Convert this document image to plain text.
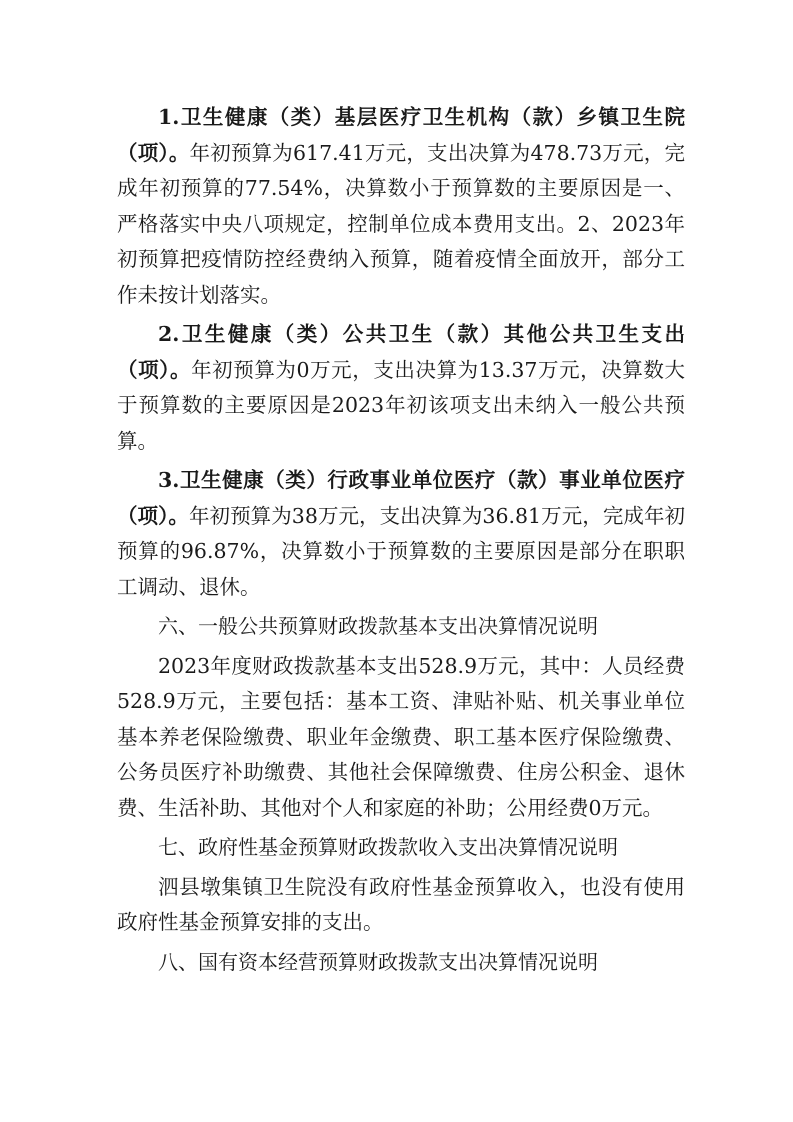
1.卫生健康（类）基层医疗卫生机构（款）乡镇卫生院（项）。年初预算为617.41万元，支出决算为478.73万元，完成年初预算的77.54%，决算数小于预算数的主要原因是一、严格落实中央八项规定，控制单位成本费用支出。2、2023年初预算把疫情防控经费纳入预算，随着疫情全面放开，部分工作未按计划落实。

2.卫生健康（类）公共卫生（款）其他公共卫生支出（项）。年初预算为0万元，支出决算为13.37万元，决算数大于预算数的主要原因是2023年初该项支出未纳入一般公共预算。

3.卫生健康（类）行政事业单位医疗（款）事业单位医疗（项）。年初预算为38万元，支出决算为36.81万元，完成年初预算的96.87%，决算数小于预算数的主要原因是部分在职职工调动、退休。

六、一般公共预算财政拨款基本支出决算情况说明

2023年度财政拨款基本支出528.9万元，其中：人员经费528.9万元，主要包括：基本工资、津贴补贴、机关事业单位基本养老保险缴费、职业年金缴费、职工基本医疗保险缴费、公务员医疗补助缴费、其他社会保障缴费、住房公积金、退休费、生活补助、其他对个人和家庭的补助；公用经费0万元。

七、政府性基金预算财政拨款收入支出决算情况说明

泗县墩集镇卫生院没有政府性基金预算收入，也没有使用政府性基金预算安排的支出。

八、国有资本经营预算财政拨款支出决算情况说明
